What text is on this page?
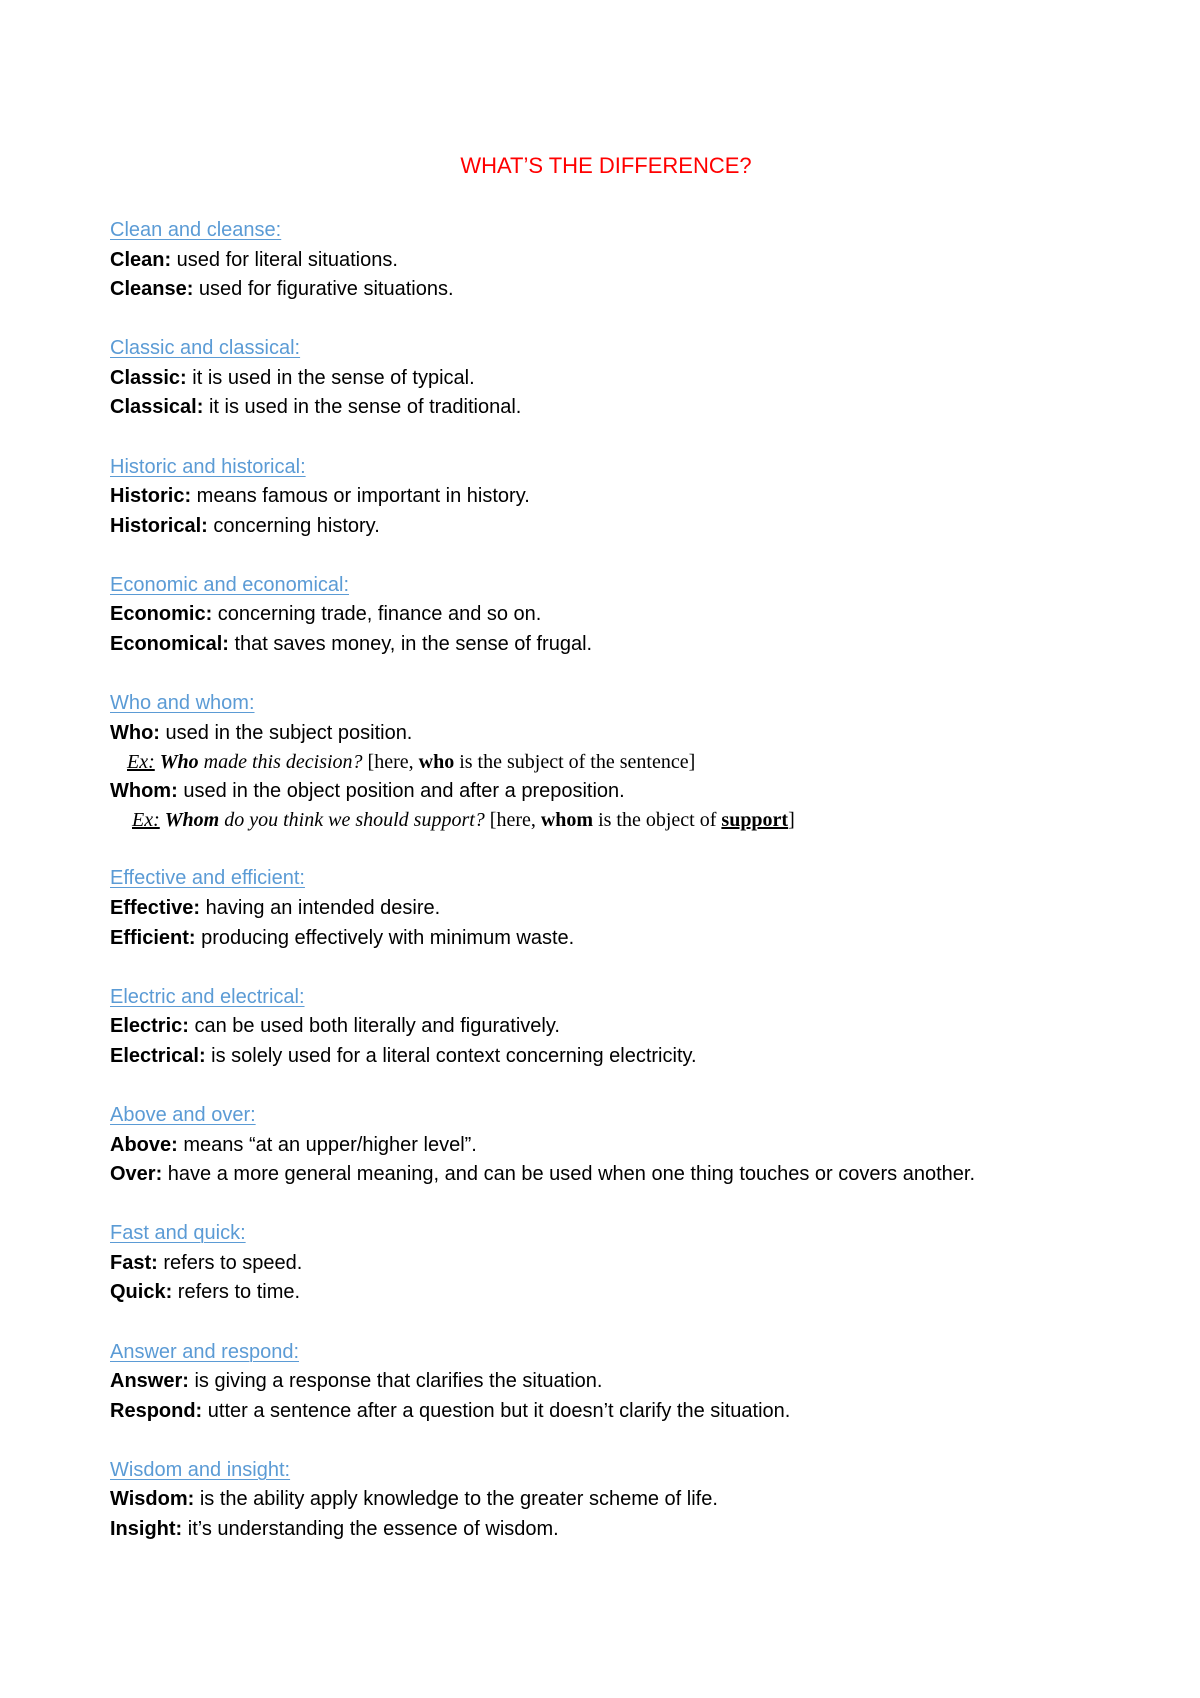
WHAT’S THE DIFFERENCE?
Clean and cleanse:
Clean: used for literal situations.
Cleanse: used for figurative situations.
Classic and classical:
Classic: it is used in the sense of typical.
Classical: it is used in the sense of traditional.
Historic and historical:
Historic: means famous or important in history.
Historical: concerning history.
Economic and economical:
Economic: concerning trade, finance and so on.
Economical: that saves money, in the sense of frugal.
Who and whom:
Who: used in the subject position.
Ex: Who made this decision? [here, who is the subject of the sentence]
Whom: used in the object position and after a preposition.
Ex: Whom do you think we should support? [here, whom is the object of support]
Effective and efficient:
Effective: having an intended desire.
Efficient: producing effectively with minimum waste.
Electric and electrical:
Electric: can be used both literally and figuratively.
Electrical: is solely used for a literal context concerning electricity.
Above and over:
Above: means “at an upper/higher level”.
Over: have a more general meaning, and can be used when one thing touches or covers another.
Fast and quick:
Fast: refers to speed.
Quick: refers to time.
Answer and respond:
Answer: is giving a response that clarifies the situation.
Respond: utter a sentence after a question but it doesn’t clarify the situation.
Wisdom and insight:
Wisdom: is the ability apply knowledge to the greater scheme of life.
Insight: it’s understanding the essence of wisdom.
